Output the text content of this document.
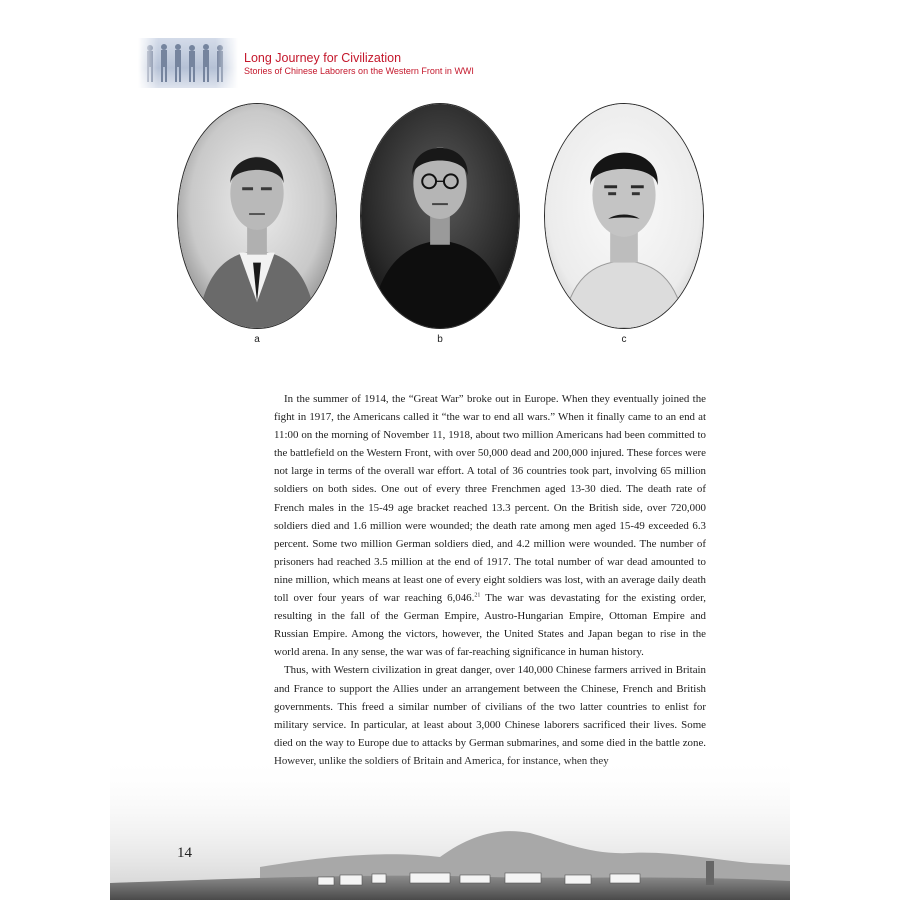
Long Journey for Civilization
Stories of Chinese Laborers on the Western Front in WWI
a	b	c

In the summer of 1914, the “Great War” broke out in Europe. When they eventually joined the fight in 1917, the Americans called it “the war to end all wars.” When it finally came to an end at 11:00 on the morning of November 11, 1918, about two million Americans had been committed to the battlefield on the Western Front, with over 50,000 dead and 200,000 injured. These forces were not large in terms of the overall war effort. A total of 36 countries took part, involving 65 million soldiers on both sides. One out of every three Frenchmen aged 13-30 died. The death rate of French males in the 15-49 age bracket reached 13.3 percent. On the British side, over 720,000 soldiers died and 1.6 million were wounded; the death rate among men aged 15-49 exceeded 6.3 percent. Some two million German soldiers died, and 4.2 million were wounded. The number of prisoners had reached 3.5 million at the end of 1917. The total number of war dead amounted to nine million, which means at least one of every eight soldiers was lost, with an average daily death toll over four years of war reaching 6,046.21 The war was devastating for the existing order, resulting in the fall of the German Empire, Austro-Hungarian Empire, Ottoman Empire and Russian Empire. Among the victors, however, the United States and Japan began to rise in the world arena. In any sense, the war was of far-reaching significance in human history.

Thus, with Western civilization in great danger, over 140,000 Chinese farmers arrived in Britain and France to support the Allies under an arrangement between the Chinese, French and British governments. This freed a similar number of civilians of the two latter countries to enlist for military service. In particular, at least about 3,000 Chinese laborers sacrificed their lives. Some died on the way to Europe due to attacks by German submarines, and some died in the battle zone.

14
